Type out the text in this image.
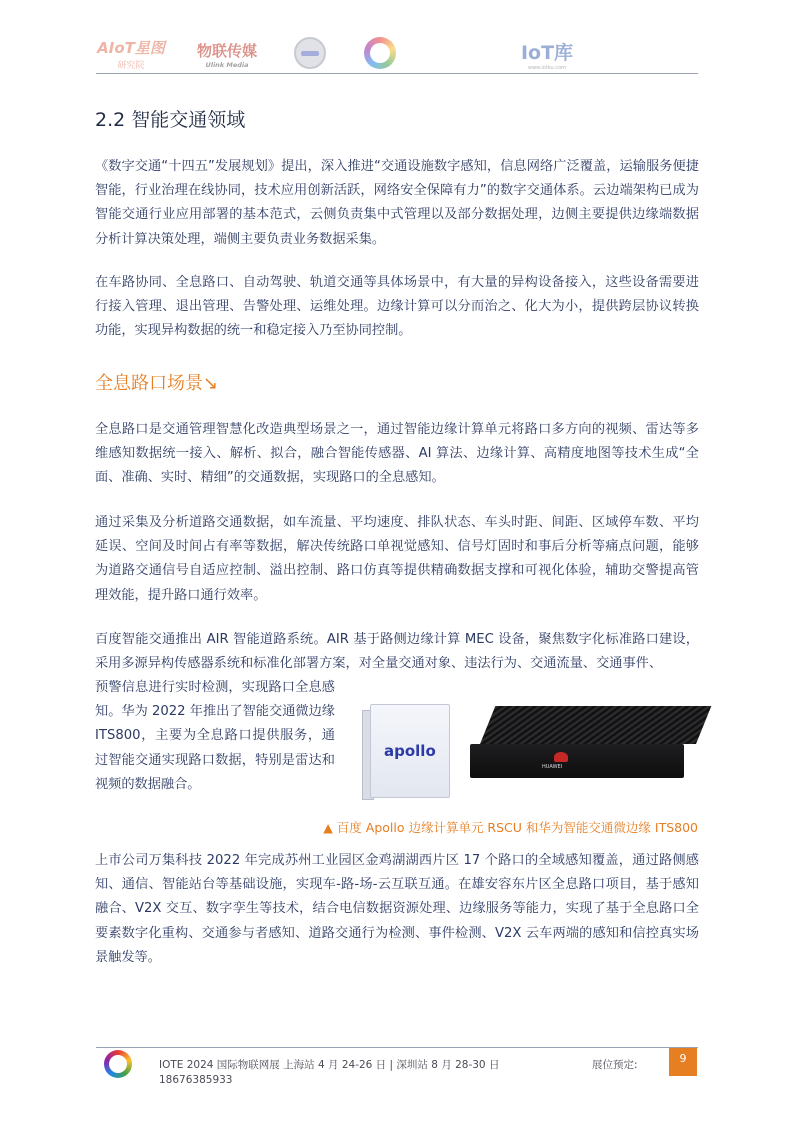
AIoT星图
研究院
物联传媒
Ulink Media
IoT库
www.iotku.com
2.2 智能交通领域

《数字交通“十四五”发展规划》提出，深入推进“交通设施数字感知，信息网络广泛覆盖，运输服务便捷智能，行业治理在线协同，技术应用创新活跃，网络安全保障有力”的数字交通体系。云边端架构已成为智能交通行业应用部署的基本范式，云侧负责集中式管理以及部分数据处理，边侧主要提供边缘端数据分析计算决策处理，端侧主要负责业务数据采集。

在车路协同、全息路口、自动驾驶、轨道交通等具体场景中，有大量的异构设备接入，这些设备需要进行接入管理、退出管理、告警处理、运维处理。边缘计算可以分而治之、化大为小，提供跨层协议转换功能，实现异构数据的统一和稳定接入乃至协同控制。

全息路口场景↘

全息路口是交通管理智慧化改造典型场景之一，通过智能边缘计算单元将路口多方向的视频、雷达等多维感知数据统一接入、解析、拟合，融合智能传感器、AI 算法、边缘计算、高精度地图等技术生成“全面、准确、实时、精细”的交通数据，实现路口的全息感知。

通过采集及分析道路交通数据，如车流量、平均速度、排队状态、车头时距、间距、区域停车数、平均延误、空间及时间占有率等数据，解决传统路口单视觉感知、信号灯固时和事后分析等痛点问题，能够为道路交通信号自适应控制、溢出控制、路口仿真等提供精确数据支撑和可视化体验，辅助交警提高管理效能，提升路口通行效率。

百度智能交通推出 AIR 智能道路系统。AIR 基于路侧边缘计算 MEC 设备，聚焦数字化标准路口建设，采用多源异构传感器系统和标准化部署方案，对全量交通对象、违法行为、交通流量、交通事件、

预警信息进行实时检测，实现路口全息感知。华为 2022 年推出了智能交通微边缘 ITS800，主要为全息路口提供服务，通过智能交通实现路口数据，特别是雷达和视频的数据融合。

apollo
HUAWEI
▲ 百度 Apollo 边缘计算单元 RSCU 和华为智能交通微边缘 ITS800

上市公司万集科技 2022 年完成苏州工业园区金鸡湖湖西片区 17 个路口的全域感知覆盖，通过路侧感知、通信、智能站台等基础设施，实现车-路-场-云互联互通。在雄安容东片区全息路口项目，基于感知融合、V2X 交互、数字孪生等技术，结合电信数据资源处理、边缘服务等能力，实现了基于全息路口全要素数字化重构、交通参与者感知、道路交通行为检测、事件检测、V2X 云车两端的感知和信控真实场景触发等。

IOTE 2024 国际物联网展 上海站 4 月 24-26 日 | 深圳站 8 月 28-30 日
18676385933
展位预定:	9
